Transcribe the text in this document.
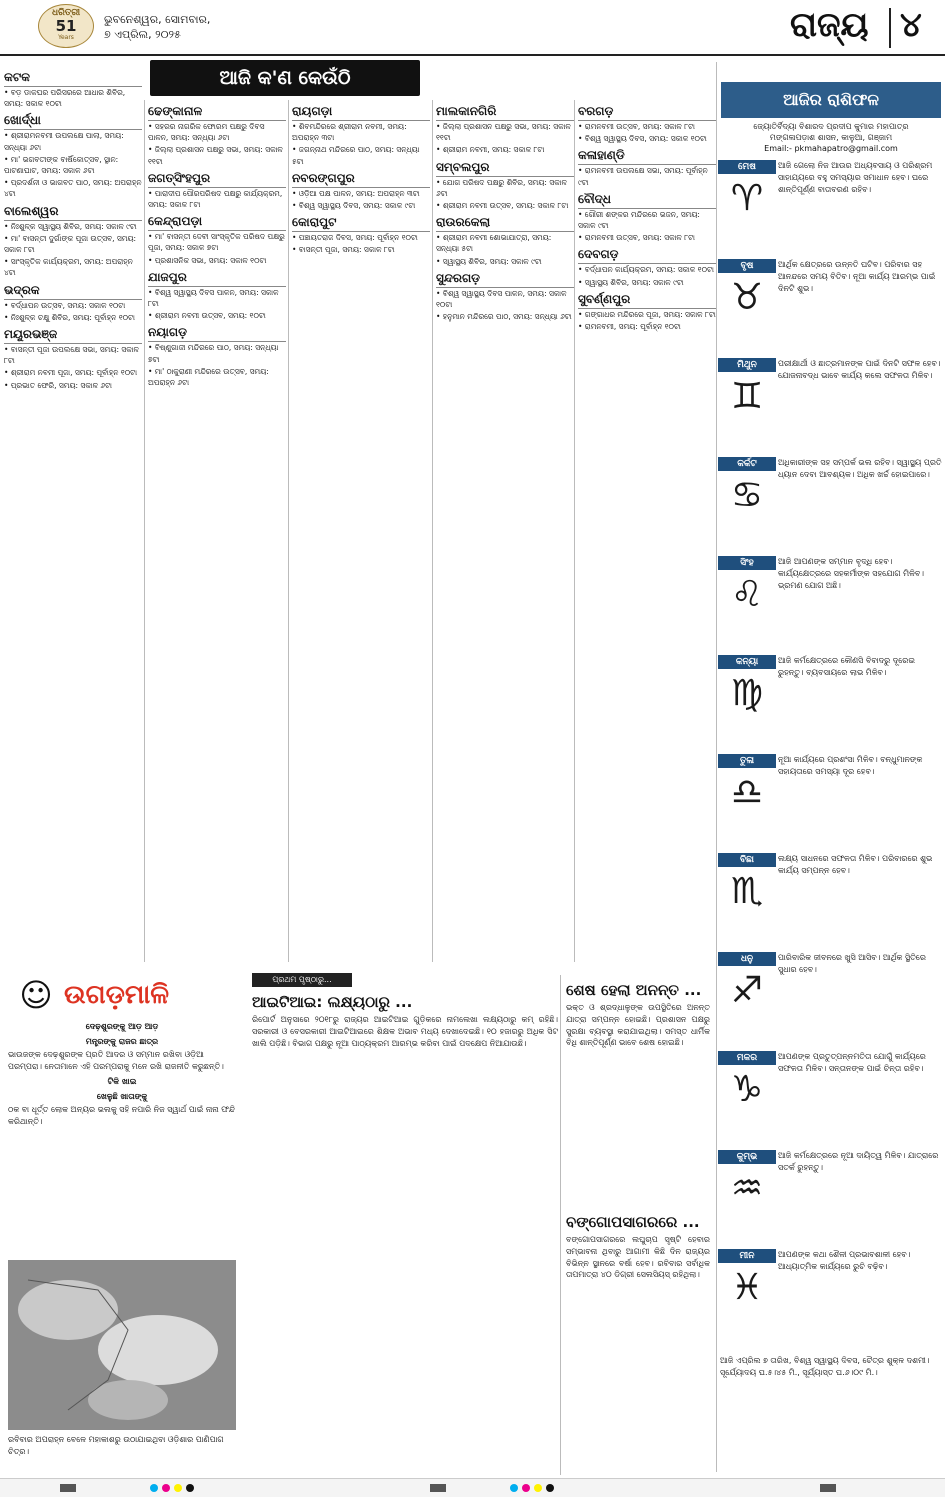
ଧରିତ୍ରୀ
51
Years
ଭୁବନେଶ୍ୱର, ସୋମବାର,
୭ ଏପ୍ରିଲ, ୨୦୨୫	ରାଜ୍ୟ ୪
ଆଜି କ'ଣ କେଉଁଠି
କଟକ
• ବଡ଼ ଡାକଘର ପରିସରରେ ଆଧାର ଶିବିର, ସମୟ: ସକାଳ ୧୦ଟା
ଖୋର୍ଦ୍ଧା
• ଶ୍ରୀରାମନବମୀ ଉପଲକ୍ଷେ ପାଲା, ସମୟ: ସନ୍ଧ୍ୟା ୬ଟା
• ମା' ଭଗବତୀଙ୍କ ବାର୍ଷିକୋତ୍ସବ, ସ୍ଥାନ: ପାଟଣାଘାଟ, ସମୟ: ସକାଳ ୬ଟା
• ପ୍ରଦର୍ଶନୀ ଓ ଭାଗବତ ପାଠ, ସମୟ: ଅପରାହ୍ନ ୪ଟା
ବାଲେଶ୍ୱର
• ନିଃଶୁଳ୍କ ସ୍ୱାସ୍ଥ୍ୟ ଶିବିର, ସମୟ: ସକାଳ ୯ଟା
• ମା' ବାସନ୍ତୀ ଦୁର୍ଗାଙ୍କ ପୂଜା ଉତ୍ସବ, ସମୟ: ସକାଳ ୮ଟା
• ସାଂସ୍କୃତିକ କାର୍ଯ୍ୟକ୍ରମ, ସମୟ: ଅପରାହ୍ନ ୪ଟା
ଭଦ୍ରକ
• ବର୍ଦ୍ଧାପନ ଉତ୍ସବ, ସମୟ: ସକାଳ ୧୦ଟା
• ନିଃଶୁଳ୍କ ଚକ୍ଷୁ ଶିବିର, ସମୟ: ପୂର୍ବାହ୍ନ ୧୦ଟା
ମୟୂରଭଞ୍ଜ
• ବାସନ୍ତୀ ପୂଜା ଉପଲକ୍ଷେ ସଭା, ସମୟ: ସକାଳ ୮ଟା
• ଶ୍ରୀରାମ ନବମୀ ପୂଜା, ସମୟ: ପୂର୍ବାହ୍ନ ୧୦ଟା
• ପ୍ରଭାତ ଫେରି, ସମୟ: ସକାଳ ୬ଟା
ଢେଙ୍କାନାଳ
• ସହରର ନାଗରିକ ଫୋରମ ପକ୍ଷରୁ ଦିବସ ପାଳନ, ସମୟ: ସନ୍ଧ୍ୟା ୬ଟା
• ଜିଲ୍ଲା ପ୍ରଶାସନ ପକ୍ଷରୁ ସଭା, ସମୟ: ସକାଳ ୧୧ଟା
ଜଗତ୍‌ସିଂହପୁର
• ପାରାଦୀପ ପୌରପରିଷଦ ପକ୍ଷରୁ କାର୍ଯ୍ୟକ୍ରମ, ସମୟ: ସକାଳ ୮ଟା
କେନ୍ଦ୍ରାପଡ଼ା
• ମା' ବାସନ୍ତୀ ଦେବୀ ସାଂସ୍କୃତିକ ପରିଷଦ ପକ୍ଷରୁ ପୂଜା, ସମୟ: ସକାଳ ୭ଟା
• ପ୍ରଶାସନିକ ସଭା, ସମୟ: ସକାଳ ୧୦ଟା
ଯାଜପୁର
• ବିଶ୍ୱ ସ୍ୱାସ୍ଥ୍ୟ ଦିବସ ପାଳନ, ସମୟ: ସକାଳ ୮ଟା
• ଶ୍ରୀରାମ ନବମୀ ଉତ୍ସବ, ସମୟ: ୧୦ଟା
ନୟାଗଡ଼
• ବିଷ୍ଣୁଗାଜୀ ମନ୍ଦିରରେ ପାଠ, ସମୟ: ସନ୍ଧ୍ୟା ୭ଟା
• ମା' ଠାକୁରାଣୀ ମନ୍ଦିରରେ ଉତ୍ସବ, ସମୟ: ଅପରାହ୍ନ ୬ଟା
ରାୟଗଡ଼ା
• ଶିବମନ୍ଦିରରେ ଶ୍ରୀରାମ ନବମୀ, ସମୟ: ଅପରାହ୍ନ ୩ଟା
• ଜଗନ୍ନାଥ ମନ୍ଦିରରେ ପାଠ, ସମୟ: ସନ୍ଧ୍ୟା ୫ଟା
ନବରଙ୍ଗପୁର
• ଓଡ଼ିଆ ପକ୍ଷ ପାଳନ, ସମୟ: ଅପରାହ୍ନ ୩ଟା
• ବିଶ୍ୱ ସ୍ୱାସ୍ଥ୍ୟ ଦିବସ, ସମୟ: ସକାଳ ୯ଟା
କୋରାପୁଟ
• ପଞ୍ଚାୟତରାଜ ଦିବସ, ସମୟ: ପୂର୍ବାହ୍ନ ୧୦ଟା
• ବାସନ୍ତୀ ପୂଜା, ସମୟ: ସକାଳ ୮ଟା
ମାଲକାନଗିରି
• ଜିଲ୍ଲା ପ୍ରଶାସନ ପକ୍ଷରୁ ସଭା, ସମୟ: ସକାଳ ୧୧ଟା
• ଶ୍ରୀରାମ ନବମୀ, ସମୟ: ସକାଳ ୮ଟା
ସମ୍ବଲପୁର
• ଯୋଗ ପରିଷଦ ପକ୍ଷରୁ ଶିବିର, ସମୟ: ସକାଳ ୬ଟା
• ଶ୍ରୀରାମ ନବମୀ ଉତ୍ସବ, ସମୟ: ସକାଳ ୮ଟା
ରାଉରକେଲା
• ଶ୍ରୀରାମ ନବମୀ ଶୋଭାଯାତ୍ରା, ସମୟ: ସନ୍ଧ୍ୟା ୫ଟା
• ସ୍ୱାସ୍ଥ୍ୟ ଶିବିର, ସମୟ: ସକାଳ ୯ଟା
ସୁନ୍ଦରଗଡ଼
• ବିଶ୍ୱ ସ୍ୱାସ୍ଥ୍ୟ ଦିବସ ପାଳନ, ସମୟ: ସକାଳ ୧୦ଟା
• ହନୁମାନ ମନ୍ଦିରରେ ପାଠ, ସମୟ: ସନ୍ଧ୍ୟା ୬ଟା
ବରଗଡ଼
• ରାମନବମୀ ଉତ୍ସବ, ସମୟ: ସକାଳ ୮ଟା
• ବିଶ୍ୱ ସ୍ୱାସ୍ଥ୍ୟ ଦିବସ, ସମୟ: ସକାଳ ୧୦ଟା
କଳାହାଣ୍ଡି
• ରାମନବମୀ ଉପଲକ୍ଷେ ସଭା, ସମୟ: ପୂର୍ବାହ୍ନ ୯ଟା
ବୌଦ୍ଧ
• ଗୌରୀ ଶଙ୍କର ମନ୍ଦିରରେ ଭଜନ, ସମୟ: ସକାଳ ୯ଟା
• ରାମନବମୀ ଉତ୍ସବ, ସମୟ: ସକାଳ ୮ଟା
ଦେବଗଡ଼
• ବର୍ଦ୍ଧାପନ କାର୍ଯ୍ୟକ୍ରମ, ସମୟ: ସକାଳ ୧୦ଟା
• ସ୍ୱାସ୍ଥ୍ୟ ଶିବିର, ସମୟ: ସକାଳ ୯ଟା
ସୁବର୍ଣ୍ଣପୁର
• ଗଙ୍ଗାଧର ମନ୍ଦିରରେ ପୂଜା, ସମୟ: ସକାଳ ୮ଟା
• ରାମନବମୀ, ସମୟ: ପୂର୍ବାହ୍ନ ୧୦ଟା
ଆଜିର ରାଶିଫଳ
ଜ୍ୟୋତିର୍ବିଦ୍ୟା ବିଶାରଦ ପ୍ରଦୀପ କୁମାର ମହାପାତ୍ର
ମଙ୍ଗଳାପଡ଼ାଶ ଶାସନ, କାଳୁଆ, ଗଞ୍ଜାମ
Email:- pkmahapatro@gmail.com
ମେଷ
♈
ଆଜି ଗେଲୋ ନିଜ ଆଉର ଅଧ୍ୟବସାୟ ଓ ପରିଶ୍ରମ ସାହାଯ୍ୟରେ ବହୁ ସମସ୍ୟାର ସମାଧାନ ହେବ। ଘରେ ଶାନ୍ତିପୂର୍ଣ୍ଣ ବାତାବରଣ ରହିବ।
ବୃଷ
♉
ଆର୍ଥିକ କ୍ଷେତ୍ରରେ ଉନ୍ନତି ଘଟିବ। ପରିବାର ସହ ଆନନ୍ଦରେ ସମୟ ବିତିବ। ନୂଆ କାର୍ଯ୍ୟ ଆରମ୍ଭ ପାଇଁ ଦିନଟି ଶୁଭ।
ମିଥୁନ
♊
ପରୀକ୍ଷାର୍ଥୀ ଓ ଛାତ୍ରମାନଙ୍କ ପାଇଁ ଦିନଟି ସଫଳ ହେବ। ଯୋଜନାବଦ୍ଧ ଭାବେ କାର୍ଯ୍ୟ କଲେ ସଫଳତା ମିଳିବ।
କର୍କଟ
♋
ଅଧିକାରୀଙ୍କ ସହ ସମ୍ପର୍କ ଭଲ ରହିବ। ସ୍ୱାସ୍ଥ୍ୟ ପ୍ରତି ଧ୍ୟାନ ଦେବା ଆବଶ୍ୟକ। ଅଧିକ ଖର୍ଚ୍ଚ ହୋଇପାରେ।
ସିଂହ
♌
ଆଜି ଆପଣଙ୍କ ସମ୍ମାନ ବୃଦ୍ଧି ହେବ। କାର୍ଯ୍ୟକ୍ଷେତ୍ରରେ ସହକର୍ମୀଙ୍କ ସହଯୋଗ ମିଳିବ। ଭ୍ରମଣ ଯୋଗ ଅଛି।
କନ୍ୟା
♍
ଆଜି କର୍ମକ୍ଷେତ୍ରରେ କୌଣସି ବିବାଦରୁ ଦୂରେଇ ରୁହନ୍ତୁ। ବ୍ୟବସାୟରେ ଲାଭ ମିଳିବ।
ତୁଳା
♎
ନୂଆ କାର୍ଯ୍ୟରେ ପ୍ରଶଂସା ମିଳିବ। ବନ୍ଧୁମାନଙ୍କ ସହାୟତାରେ ସମସ୍ୟା ଦୂର ହେବ।
ବିଛା
♏
ଲକ୍ଷ୍ୟ ସାଧନରେ ସଫଳତା ମିଳିବ। ପରିବାରରେ ଶୁଭ କାର୍ଯ୍ୟ ସମ୍ପନ୍ନ ହେବ।
ଧନୁ
♐
ପାରିବାରିକ ଜୀବନରେ ଖୁସି ଆସିବ। ଆର୍ଥିକ ସ୍ଥିତିରେ ସୁଧାର ହେବ।
ମକର
♑
ଆପଣଙ୍କ ପ୍ରତୁତ୍ପନ୍ନମତିତା ଯୋଗୁଁ କାର୍ଯ୍ୟରେ ସଫଳତା ମିଳିବ। ସନ୍ତାନଙ୍କ ପାଇଁ ଚିନ୍ତା ରହିବ।
କୁମ୍ଭ
♒
ଆଜି କର୍ମକ୍ଷେତ୍ରରେ ନୂଆ ଦାୟିତ୍ୱ ମିଳିବ। ଯାତ୍ରାରେ ସତର୍କ ରୁହନ୍ତୁ।
ମୀନ
♓
ଆପଣଙ୍କ କଥା ଶୈଳୀ ପ୍ରଭାବଶାଳୀ ହେବ। ଆଧ୍ୟାତ୍ମିକ କାର୍ଯ୍ୟରେ ରୁଚି ବଢ଼ିବ।
ଆଜି ଏପ୍ରିଲ ୭ ତାରିଖ, ବିଶ୍ୱ ସ୍ୱାସ୍ଥ୍ୟ ଦିବସ, ଚୈତ୍ର ଶୁକ୍ଳ ଦଶମୀ। ସୂର୍ଯ୍ୟୋଦୟ ଘ.୫।୪୫ ମି., ସୂର୍ଯ୍ୟାସ୍ତ ଘ.୬।୦୯ ମି.।
☺ ଉଗଡ଼ମାଳି
ଦେଢ଼ଶୁରଙ୍କୁ ଆଡ଼ ଆଡ଼
ମନ୍ତ୍ରଙ୍କୁ ରାଜର ଛାତ୍ର
ଭାଉଜଙ୍କ ଦେଢ଼ଶୁରଙ୍କ ପ୍ରତି ଆଦର ଓ ସମ୍ମାନ ରଖିବା ଓଡ଼ିଆ ପରମ୍ପରା। ନେତାମାନେ ଏହି ପରମ୍ପରାକୁ ମନେ ରଖି ରାଜନୀତି କରୁଛନ୍ତି।
ଟିକି ଖାଇ
ଖେଳୁଛି ଖାତାଙ୍କୁ
ଠକ ବା ଧୂର୍ତ୍ତ ଲୋକ ଅନ୍ୟର ଭଲକୁ ସହି ନପାରି ନିଜ ସ୍ୱାର୍ଥ ପାଇଁ ନାନା ଫନ୍ଦି କରିଥାନ୍ତି।
ରବିବାର ଅପରାହ୍ନ ବେଳେ ମହାକାଶରୁ ଉଠାଯାଇଥିବା ଓଡ଼ିଶାର ପାଣିପାଗ ଚିତ୍ର।
ପ୍ରଥମ ପୃଷ୍ଠାରୁ...
ଆଇଟିଆଇ: ଲକ୍ଷ୍ୟଠାରୁ ...
ରିପୋର୍ଟ ଅନୁସାରେ ୨୦୧୮ରୁ ରାଜ୍ୟର ଆଇଟିଆଇ ଗୁଡ଼ିକରେ ନାମଲେଖା ଲକ୍ଷ୍ୟଠାରୁ କମ୍ ରହିଛି। ସରକାରୀ ଓ ବେସରକାରୀ ଆଇଟିଆଇରେ ଶିକ୍ଷକ ଅଭାବ ମଧ୍ୟ ଦେଖାଦେଇଛି। ୧୦ ହଜାରରୁ ଅଧିକ ସିଟ ଖାଲି ପଡ଼ିଛି। ବିଭାଗ ପକ୍ଷରୁ ନୂଆ ପାଠ୍ୟକ୍ରମ ଆରମ୍ଭ କରିବା ପାଇଁ ପଦକ୍ଷେପ ନିଆଯାଉଛି।
ଶେଷ ହେଲା ଅନନ୍ତ ...
ଭକ୍ତ ଓ ଶ୍ରଦ୍ଧାଳୁଙ୍କ ଉପସ୍ଥିତିରେ ଅନନ୍ତ ଯାତ୍ରା ସମ୍ପନ୍ନ ହୋଇଛି। ପ୍ରଶାସନ ପକ୍ଷରୁ ସୁରକ୍ଷା ବ୍ୟବସ୍ଥା କରାଯାଇଥିଲା। ସମସ୍ତ ଧାର୍ମିକ ବିଧି ଶାନ୍ତିପୂର୍ଣ୍ଣ ଭାବେ ଶେଷ ହୋଇଛି।
ବଙ୍ଗୋପସାଗରରେ ...
ବଙ୍ଗୋପସାଗରରେ ଲଘୁଚାପ ସୃଷ୍ଟି ହେବାର ସମ୍ଭାବନା ଥିବାରୁ ଆଗାମୀ କିଛି ଦିନ ରାଜ୍ୟର ବିଭିନ୍ନ ସ୍ଥାନରେ ବର୍ଷା ହେବ। ରବିବାର ସର୍ବାଧିକ ତାପମାତ୍ରା ୪୦ ଡିଗ୍ରୀ ସେଲସିୟସ୍ ରହିଥିଲା।
